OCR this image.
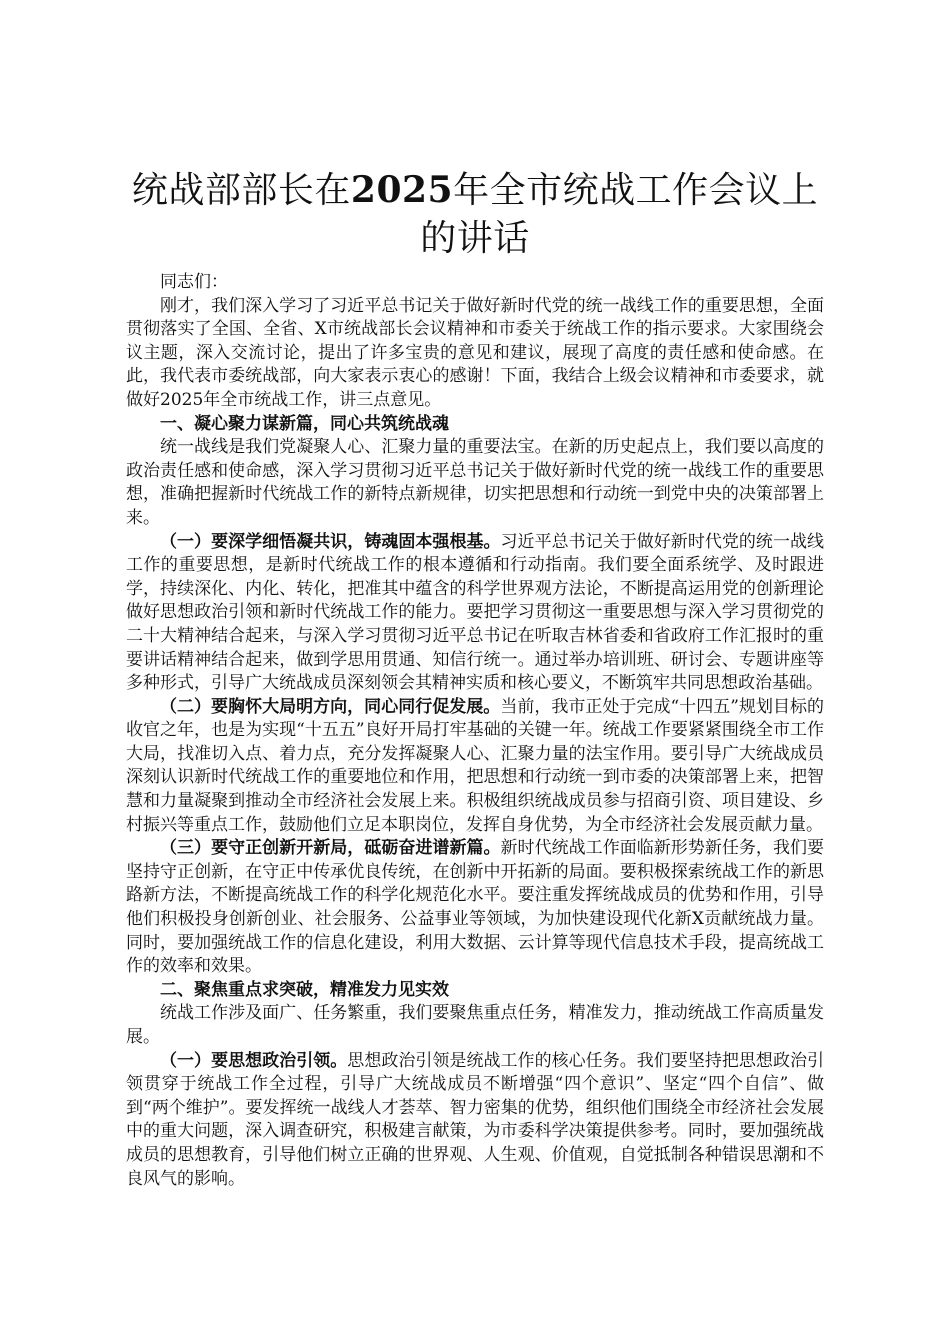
统战部部长在2025年全市统战工作会议上的讲话

同志们：

刚才，我们深入学习了习近平总书记关于做好新时代党的统一战线工作的重要思想，全面贯彻落实了全国、全省、X市统战部长会议精神和市委关于统战工作的指示要求。大家围绕会议主题，深入交流讨论，提出了许多宝贵的意见和建议，展现了高度的责任感和使命感。在此，我代表市委统战部，向大家表示衷心的感谢！下面，我结合上级会议精神和市委要求，就做好2025年全市统战工作，讲三点意见。

一、凝心聚力谋新篇，同心共筑统战魂

统一战线是我们党凝聚人心、汇聚力量的重要法宝。在新的历史起点上，我们要以高度的政治责任感和使命感，深入学习贯彻习近平总书记关于做好新时代党的统一战线工作的重要思想，准确把握新时代统战工作的新特点新规律，切实把思想和行动统一到党中央的决策部署上来。

（一）要深学细悟凝共识，铸魂固本强根基。习近平总书记关于做好新时代党的统一战线工作的重要思想，是新时代统战工作的根本遵循和行动指南。我们要全面系统学、及时跟进学，持续深化、内化、转化，把准其中蕴含的科学世界观方法论，不断提高运用党的创新理论做好思想政治引领和新时代统战工作的能力。要把学习贯彻这一重要思想与深入学习贯彻党的二十大精神结合起来，与深入学习贯彻习近平总书记在听取吉林省委和省政府工作汇报时的重要讲话精神结合起来，做到学思用贯通、知信行统一。通过举办培训班、研讨会、专题讲座等多种形式，引导广大统战成员深刻领会其精神实质和核心要义，不断筑牢共同思想政治基础。

（二）要胸怀大局明方向，同心同行促发展。当前，我市正处于完成“十四五”规划目标的收官之年，也是为实现“十五五”良好开局打牢基础的关键一年。统战工作要紧紧围绕全市工作大局，找准切入点、着力点，充分发挥凝聚人心、汇聚力量的法宝作用。要引导广大统战成员深刻认识新时代统战工作的重要地位和作用，把思想和行动统一到市委的决策部署上来，把智慧和力量凝聚到推动全市经济社会发展上来。积极组织统战成员参与招商引资、项目建设、乡村振兴等重点工作，鼓励他们立足本职岗位，发挥自身优势，为全市经济社会发展贡献力量。

（三）要守正创新开新局，砥砺奋进谱新篇。新时代统战工作面临新形势新任务，我们要坚持守正创新，在守正中传承优良传统，在创新中开拓新的局面。要积极探索统战工作的新思路新方法，不断提高统战工作的科学化规范化水平。要注重发挥统战成员的优势和作用，引导他们积极投身创新创业、社会服务、公益事业等领域，为加快建设现代化新X贡献统战力量。同时，要加强统战工作的信息化建设，利用大数据、云计算等现代信息技术手段，提高统战工作的效率和效果。

二、聚焦重点求突破，精准发力见实效

统战工作涉及面广、任务繁重，我们要聚焦重点任务，精准发力，推动统战工作高质量发展。

（一）要思想政治引领。思想政治引领是统战工作的核心任务。我们要坚持把思想政治引领贯穿于统战工作全过程，引导广大统战成员不断增强“四个意识”、坚定“四个自信”、做到“两个维护”。要发挥统一战线人才荟萃、智力密集的优势，组织他们围绕全市经济社会发展中的重大问题，深入调查研究，积极建言献策，为市委科学决策提供参考。同时，要加强统战成员的思想教育，引导他们树立正确的世界观、人生观、价值观，自觉抵制各种错误思潮和不良风气的影响。
